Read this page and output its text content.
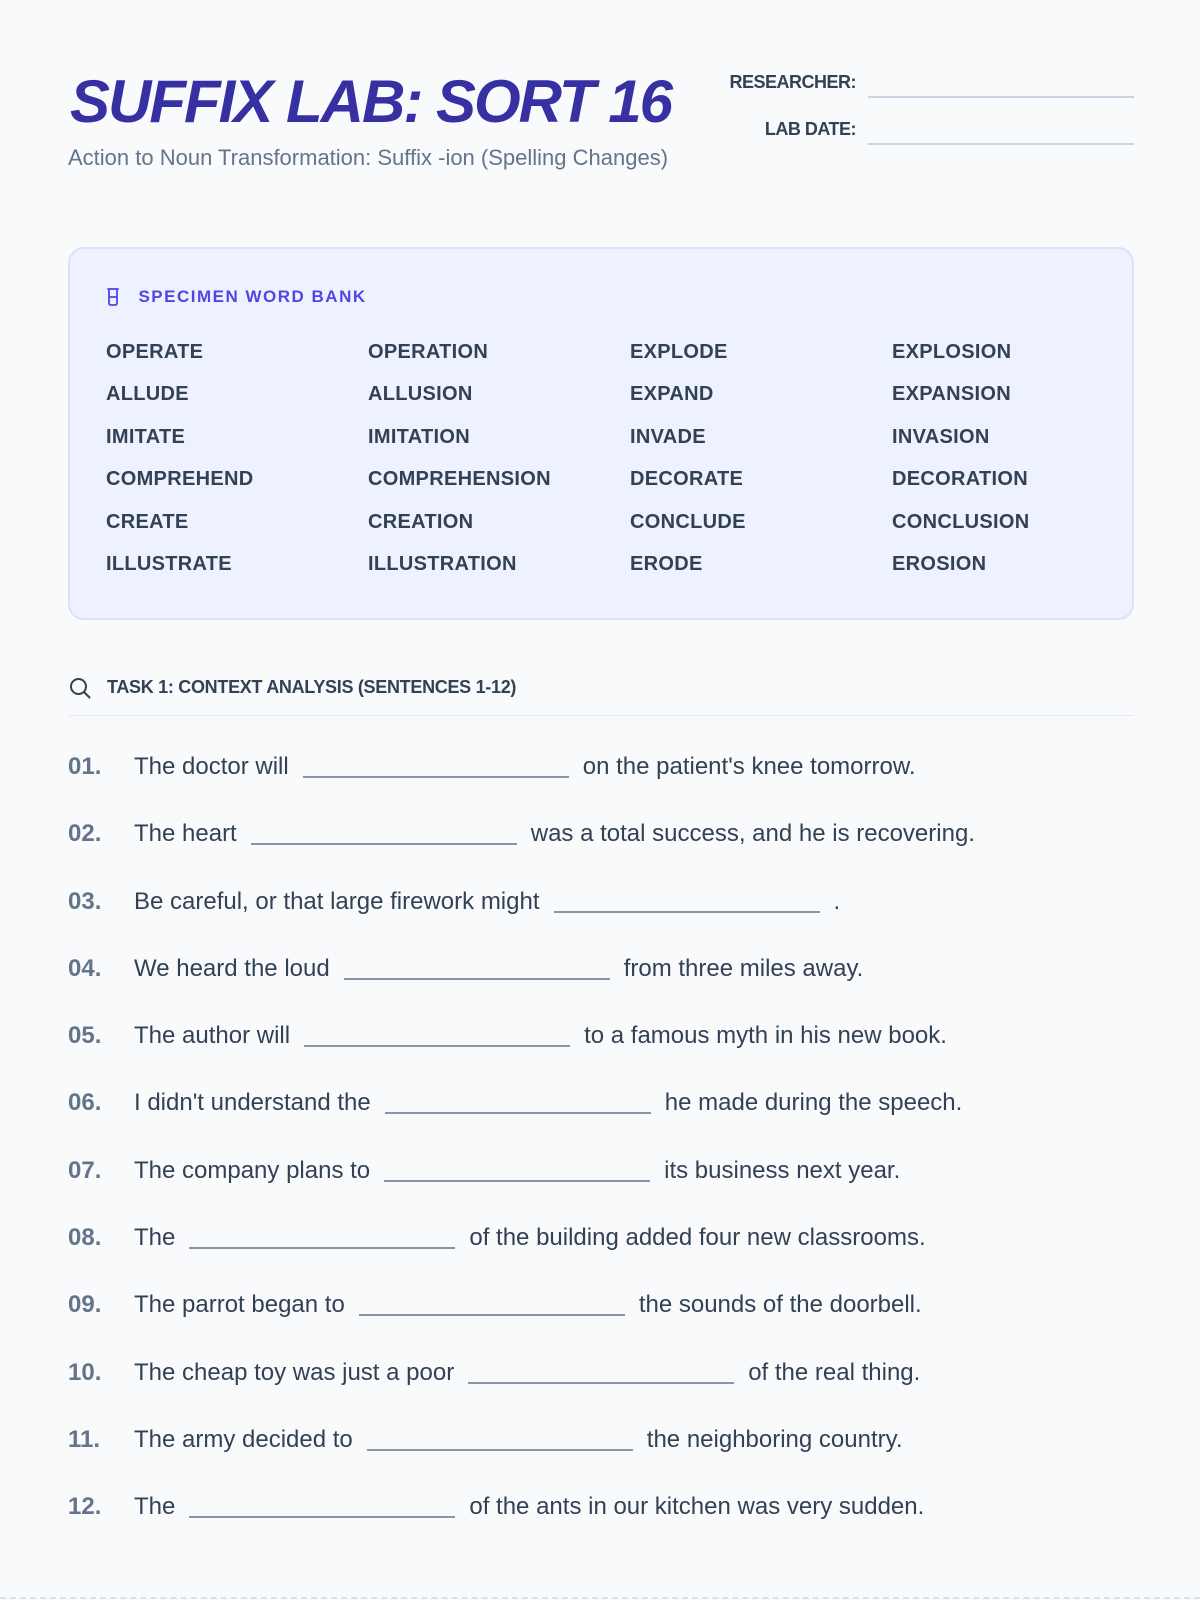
SUFFIX LAB: SORT 16
Action to Noun Transformation: Suffix -ion (Spelling Changes)
RESEARCHER:
LAB DATE:
SPECIMEN WORD BANK
OPERATE	OPERATION	EXPLODE	EXPLOSION
ALLUDE	ALLUSION	EXPAND	EXPANSION
IMITATE	IMITATION	INVADE	INVASION
COMPREHEND	COMPREHENSION	DECORATE	DECORATION
CREATE	CREATION	CONCLUDE	CONCLUSION
ILLUSTRATE	ILLUSTRATION	ERODE	EROSION
TASK 1: CONTEXT ANALYSIS (SENTENCES 1-12)
01. The doctor will	on the patient's knee tomorrow.
02. The heart	was a total success, and he is recovering.
03. Be careful, or that large firework might	.
04. We heard the loud	from three miles away.
05. The author will	to a famous myth in his new book.
06. I didn't understand the	he made during the speech.
07. The company plans to	its business next year.
08. The	of the building added four new classrooms.
09. The parrot began to	the sounds of the doorbell.
10. The cheap toy was just a poor	of the real thing.
11. The army decided to	the neighboring country.
12. The	of the ants in our kitchen was very sudden.
